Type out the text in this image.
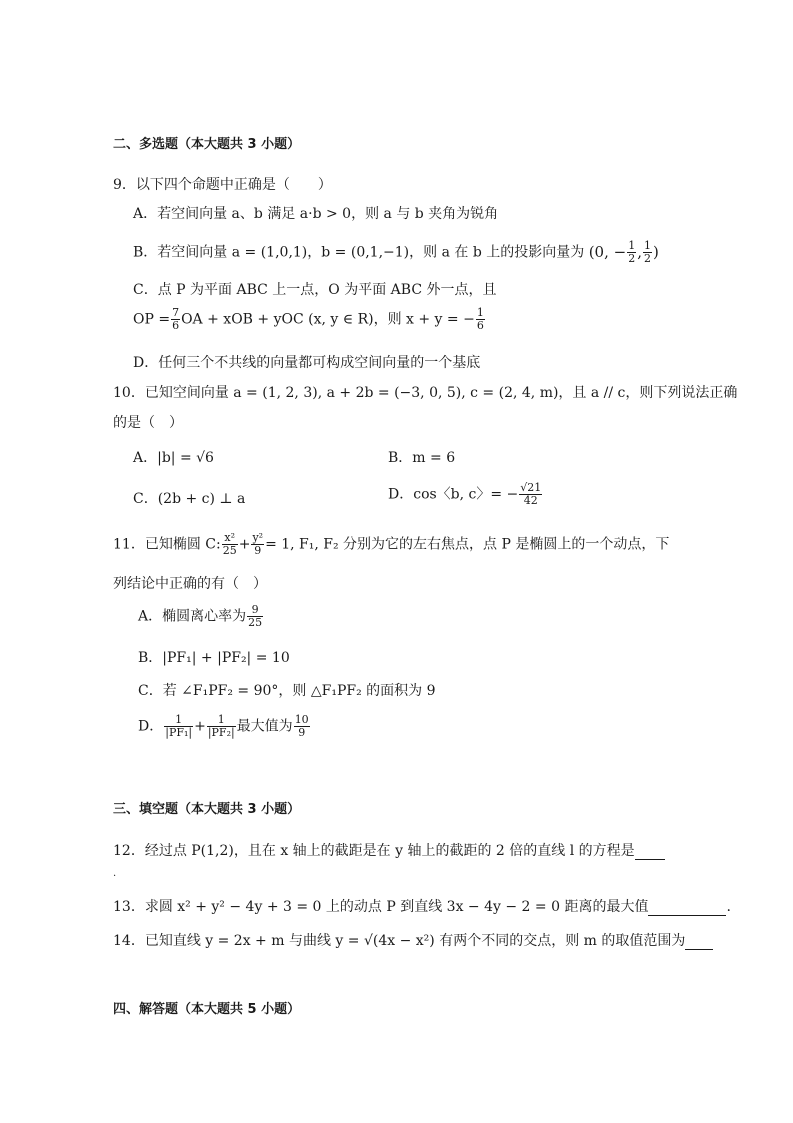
二、多选题（本大题共 3 小题）
9．以下四个命题中正确是（　　）
A．若空间向量 a、b 满足 a·b > 0，则 a 与 b 夹角为锐角
B．若空间向量 a = (1,0,1)，b = (0,1,−1)，则 a 在 b 上的投影向量为 (0, − $\frac{1}{2}$ , $\frac{1}{2}$ )
C．点 P 为平面 ABC 上一点，O 为平面 ABC 外一点，且
OP = $\frac{7}{6}$ OA + xOB + yOC (x, y ∈ R)，则 x + y = − $\frac{1}{6}$
D．任何三个不共线的向量都可构成空间向量的一个基底
10．已知空间向量 a = (1, 2, 3), a + 2b = (−3, 0, 5), c = (2, 4, m)，且 a // c，则下列说法正确
的是（　）
A．|b| = √6	B．m = 6
C．(2b + c) ⊥ a	D．cos〈b, c〉= − $\frac{√21}{42}$
11．已知椭圆 C: $\frac{\text{x²}}{25} + \frac{\text{y²}}{9} = 1$, F₁, F₂ 分别为它的左右焦点，点 P 是椭圆上的一个动点，下
列结论中正确的有（　）
A．椭圆离心率为 $\frac{9}{25}$
B．|PF₁| + |PF₂| = 10
C．若 ∠F₁PF₂ = 90°，则 △F₁PF₂ 的面积为 9
D． $\frac{1}{\text{|PF₁|}} + \frac{1}{\text{|PF₂|}}$ 最大值为 $\frac{10}{9}$
三、填空题（本大题共 3 小题）
12．经过点 P(1,2)，且在 x 轴上的截距是在 y 轴上的截距的 2 倍的直线 l 的方程是
.
13．求圆 x² + y² − 4y + 3 = 0 上的动点 P 到直线 3x − 4y − 2 = 0 距离的最大值	.
14．已知直线 y = 2x + m 与曲线 y = √(4x − x²) 有两个不同的交点，则 m 的取值范围为
四、解答题（本大题共 5 小题）
